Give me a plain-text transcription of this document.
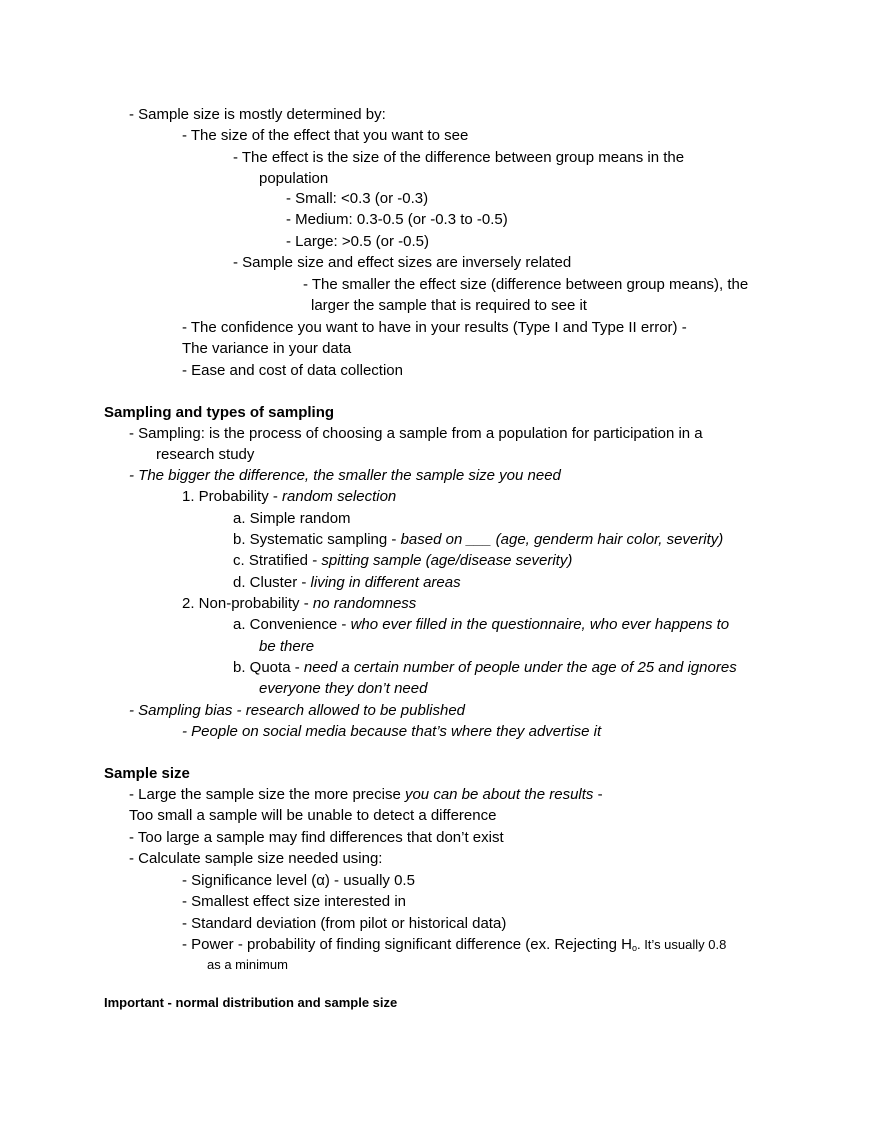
- Sample size is mostly determined by:
- The size of the effect that you want to see
- The effect is the size of the difference between group means in the
population
- Small: <0.3 (or -0.3)
- Medium: 0.3-0.5 (or -0.3 to -0.5)
- Large: >0.5 (or -0.5)
- Sample size and effect sizes are inversely related
- The smaller the effect size (difference between group means), the
larger the sample that is required to see it
- The confidence you want to have in your results (Type I and Type II error) -
The variance in your data
- Ease and cost of data collection
Sampling and types of sampling
- Sampling: is the process of choosing a sample from a population for participation in a
research study
- The bigger the difference, the smaller the sample size you need
1. Probability - random selection
a. Simple random
b. Systematic sampling - based on ___ (age, genderm hair color, severity)
c. Stratified - spitting sample (age/disease severity)
d. Cluster - living in different areas
2. Non-probability - no randomness
a. Convenience - who ever filled in the questionnaire, who ever happens to
be there
b. Quota - need a certain number of people under the age of 25 and ignores
everyone they don’t need
- Sampling bias - research allowed to be published
- People on social media because that’s where they advertise it
Sample size
- Large the sample size the more precise you can be about the results -
Too small a sample will be unable to detect a difference
- Too large a sample may find differences that don’t exist
- Calculate sample size needed using:
- Significance level (α) - usually 0.5
- Smallest effect size interested in
- Standard deviation (from pilot or historical data)
- Power - probability of finding significant difference (ex. Rejecting $H_o$. It’s usually 0.8
as a minimum
Important - normal distribution and sample size
